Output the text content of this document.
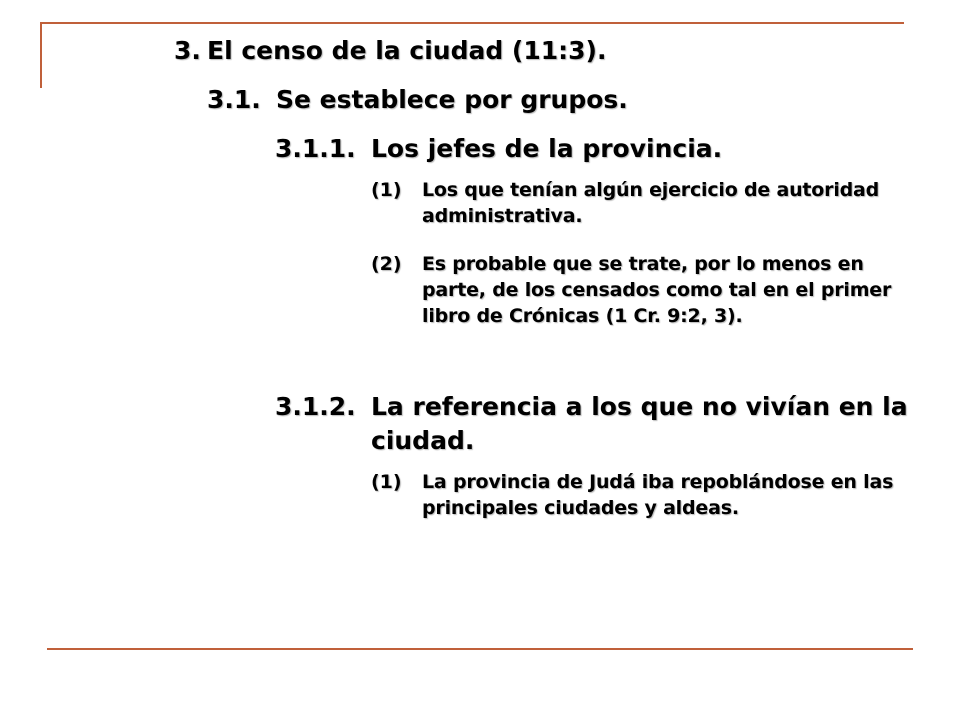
3. El censo de la ciudad (11:3).
3.1. Se establece por grupos.
3.1.1. Los jefes de la provincia.
(1)	Los que tenían algún ejercicio de autoridad administrativa.
(2)	Es probable que se trate, por lo menos en parte, de los censados como tal en el primer libro de Crónicas (1 Cr. 9:2, 3).
3.1.2. La referencia a los que no vivían en la ciudad.
(1)	La provincia de Judá iba repoblándose en las principales ciudades y aldeas.
